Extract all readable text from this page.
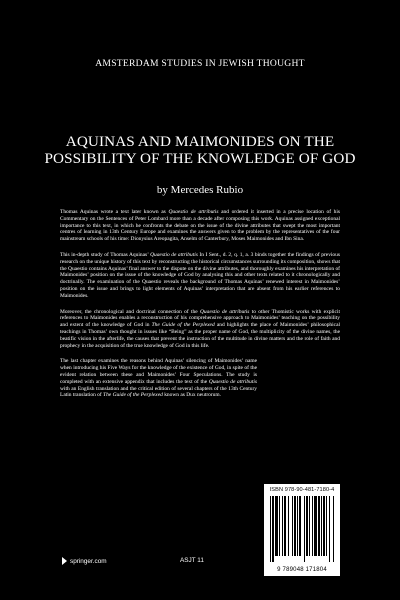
AMSTERDAM STUDIES IN JEWISH THOUGHT
AQUINAS AND MAIMONIDES ON THE
POSSIBILITY OF THE KNOWLEDGE OF GOD
by Mercedes Rubio

Thomas Aquinas wrote a text later known as Quaestio de attributis and ordered it inserted in a precise location of his Commentary on the Sentences of Peter Lombard more than a decade after composing this work. Aquinas assigned exceptional importance to this text, in which he confronts the debate on the issue of the divine attributes that swept the most important centres of learning in 13th Century Europe and examines the answers given to the problem by the representatives of the four mainstream schools of his time: Dionysius Areopagita, Anselm of Canterbury, Moses Maimonides and Ibn Sina.

This in-depth study of Thomas Aquinas’ Quaestio de attributis In I Sent., d. 2, q. 1, a. 3 binds together the findings of previous research on the unique history of this text by reconstructing the historical circumstances surrounding its composition, shows that the Quaestio contains Aquinas’ final answer to the dispute on the divine attributes, and thoroughly examines his interpretation of Maimonides’ position on the issue of the knowledge of God by analysing this and other texts related to it chronologically and doctrinally. The examination of the Quaestio reveals the background of Thomas Aquinas’ renewed interest in Maimonides’ position on the issue and brings to light elements of Aquinas’ interpretation that are absent from his earlier references to Maimonides.

Moreover, the chronological and doctrinal connection of the Quaestio de attributis to other Thomistic works with explicit references to Maimonides enables a reconstruction of his comprehensive approach to Maimonides’ teaching on the possibility and extent of the knowledge of God in The Guide of the Perplexed and highlights the place of Maimonides’ philosophical teachings in Thomas’ own thought in issues like “Being” as the proper name of God, the multiplicity of the divine names, the beatific vision in the afterlife, the causes that prevent the instruction of the multitude in divine matters and the role of faith and prophecy in the acquisition of the true knowledge of God in this life.

The last chapter examines the reasons behind Aquinas’ silencing of Maimonides’ name when introducing his Five Ways for the knowledge of the existence of God, in spite of the evident relation between these and Maimonides’ Four Speculations. The study is completed with an extensive appendix that includes the text of the Quaestio de attributis with an English translation and the critical edition of several chapters of the 13th Century Latin translation of The Guide of the Perplexed known as Dux neutrorum.

springer.com	ASJT 11
ISBN 978-90-481-7180-4
9 789048 171804
